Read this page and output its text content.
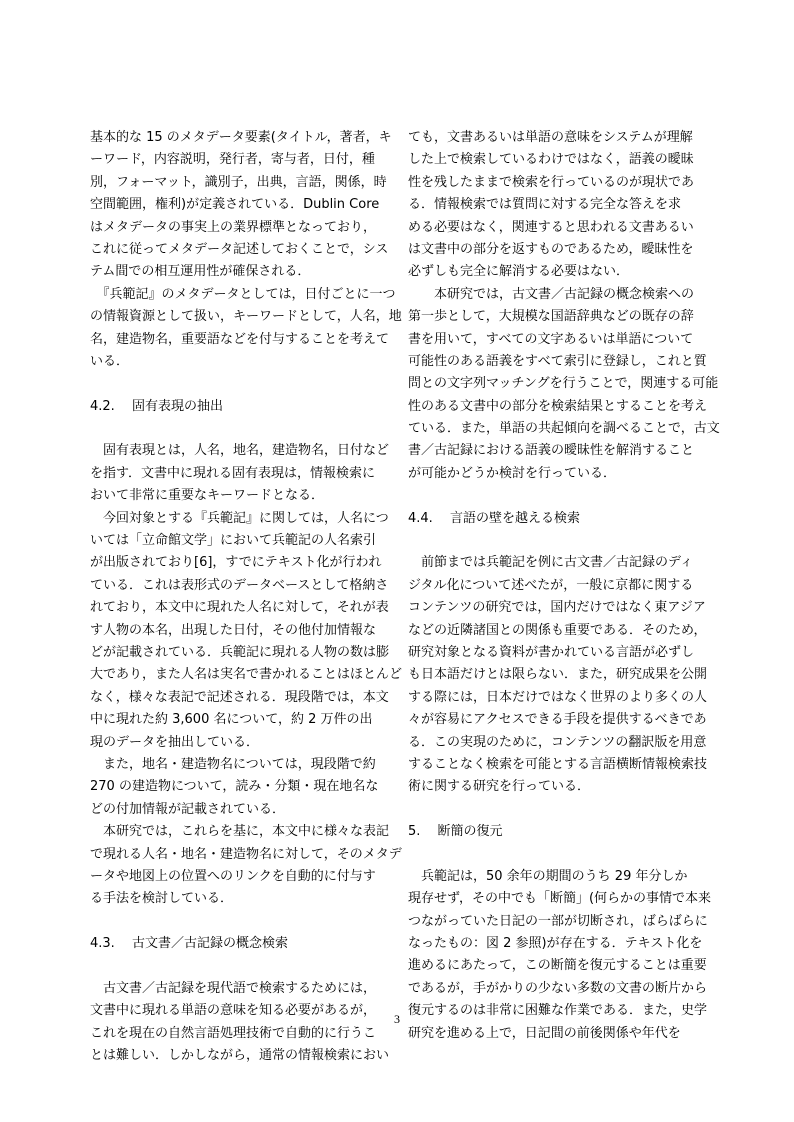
基本的な 15 のメタデータ要素(タイトル，著者，キ
ーワード，内容説明，発行者，寄与者，日付，種
別，フォーマット，識別子，出典，言語，関係，時
空間範囲，権利)が定義されている．Dublin Core
はメタデータの事実上の業界標準となっており，
これに従ってメタデータ記述しておくことで，シス
テム間での相互運用性が確保される．
　『兵範記』のメタデータとしては，日付ごとに一つ
の情報資源として扱い，キーワードとして，人名，地
名，建造物名，重要語などを付与することを考えて
いる．
4.2.　 固有表現の抽出
　固有表現とは，人名，地名，建造物名，日付など
を指す．文書中に現れる固有表現は，情報検索に
おいて非常に重要なキーワードとなる．
　今回対象とする『兵範記』に関しては，人名につ
いては「立命館文学」において兵範記の人名索引
が出版されており[6]，すでにテキスト化が行われ
ている．これは表形式のデータベースとして格納さ
れており，本文中に現れた人名に対して，それが表
す人物の本名，出現した日付，その他付加情報な
どが記載されている．兵範記に現れる人物の数は膨
大であり，また人名は実名で書かれることはほとんど
なく，様々な表記で記述される．現段階では，本文
中に現れた約 3,600 名について，約 2 万件の出
現のデータを抽出している．
　また，地名・建造物名については，現段階で約
270 の建造物について，読み・分類・現在地名な
どの付加情報が記載されている．
　本研究では，これらを基に，本文中に様々な表記
で現れる人名・地名・建造物名に対して，そのメタデ
ータや地図上の位置へのリンクを自動的に付与す
る手法を検討している．
4.3.　 古文書／古記録の概念検索
　古文書／古記録を現代語で検索するためには，
文書中に現れる単語の意味を知る必要があるが，
これを現在の自然言語処理技術で自動的に行うこ
とは難しい．しかしながら，通常の情報検索におい
ても，文書あるいは単語の意味をシステムが理解
した上で検索しているわけではなく，語義の曖昧
性を残したままで検索を行っているのが現状であ
る．情報検索では質問に対する完全な答えを求
める必要はなく，関連すると思われる文書あるい
は文書中の部分を返すものであるため，曖昧性を
必ずしも完全に解消する必要はない．
　　本研究では，古文書／古記録の概念検索への
第一歩として，大規模な国語辞典などの既存の辞
書を用いて，すべての文字あるいは単語について
可能性のある語義をすべて索引に登録し，これと質
問との文字列マッチングを行うことで，関連する可能
性のある文書中の部分を検索結果とすることを考え
ている．また，単語の共起傾向を調べることで，古文
書／古記録における語義の曖昧性を解消すること
が可能かどうか検討を行っている．
4.4.　 言語の壁を越える検索
　前節までは兵範記を例に古文書／古記録のディ
ジタル化について述べたが，一般に京都に関する
コンテンツの研究では，国内だけではなく東アジア
などの近隣諸国との関係も重要である．そのため，
研究対象となる資料が書かれている言語が必ずし
も日本語だけとは限らない．また，研究成果を公開
する際には，日本だけではなく世界のより多くの人
々が容易にアクセスできる手段を提供するべきであ
る．この実現のために，コンテンツの翻訳版を用意
することなく検索を可能とする言語横断情報検索技
術に関する研究を行っている．
5.　 断簡の復元
　兵範記は，50 余年の期間のうち 29 年分しか
現存せず，その中でも「断簡」(何らかの事情で本来
つながっていた日記の一部が切断され，ばらばらに
なったもの：図 2 参照)が存在する．テキスト化を
進めるにあたって，この断簡を復元することは重要
であるが，手がかりの少ない多数の文書の断片から
復元するのは非常に困難な作業である．また，史学
研究を進める上で，日記間の前後関係や年代を
3
